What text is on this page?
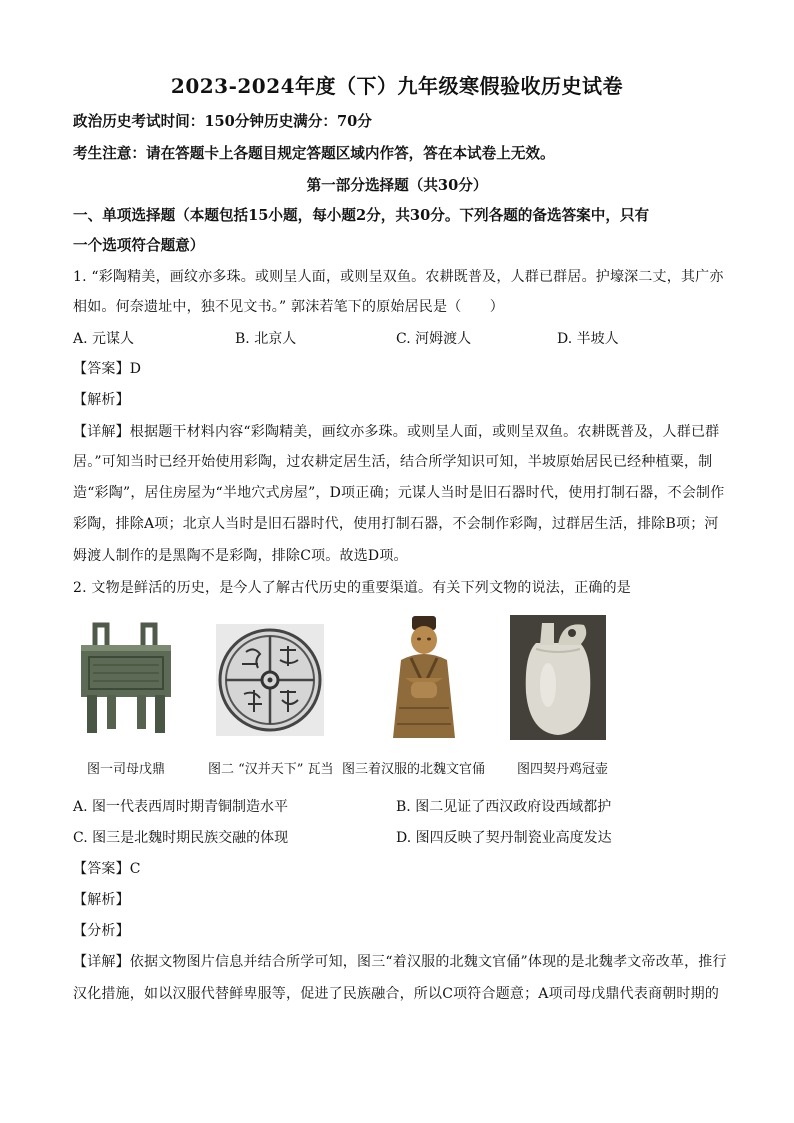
2023-2024年度（下）九年级寒假验收历史试卷
政治历史考试时间：150分钟历史满分：70分
考生注意：请在答题卡上各题目规定答题区域内作答，答在本试卷上无效。
第一部分选择题（共30分）
一、单项选择题（本题包括15小题，每小题2分，共30分。下列各题的备选答案中，只有
一个选项符合题意）
1. “彩陶精美，画纹亦多珠。或则呈人面，或则呈双鱼。农耕既普及，人群已群居。护壕深二丈，其广亦
相如。何奈遗址中，独不见文书。” 郭沫若笔下的原始居民是（　　）
A. 元谋人	B. 北京人	C. 河姆渡人	D. 半坡人
【答案】D
【解析】
【详解】根据题干材料内容“彩陶精美，画纹亦多珠。或则呈人面，或则呈双鱼。农耕既普及，人群已群
居。”可知当时已经开始使用彩陶，过农耕定居生活，结合所学知识可知，半坡原始居民已经种植粟，制
造“彩陶”，居住房屋为“半地穴式房屋”，D项正确；元谋人当时是旧石器时代，使用打制石器，不会制作
彩陶，排除A项；北京人当时是旧石器时代，使用打制石器，不会制作彩陶，过群居生活，排除B项；河
姆渡人制作的是黑陶不是彩陶，排除C项。故选D项。
2. 文物是鲜活的历史，是今人了解古代历史的重要渠道。有关下列文物的说法，正确的是
图一司母戊鼎	图二 “汉并天下” 瓦当 图三着汉服的北魏文官俑 图四契丹鸡冠壶
A. 图一代表西周时期青铜制造水平	B. 图二见证了西汉政府设西域都护
C. 图三是北魏时期民族交融的体现	D. 图四反映了契丹制瓷业高度发达
【答案】C
【解析】
【分析】
【详解】依据文物图片信息并结合所学可知，图三“着汉服的北魏文官俑”体现的是北魏孝文帝改革，推行
汉化措施，如以汉服代替鲜卑服等，促进了民族融合，所以C项符合题意；A项司母戊鼎代表商朝时期的
